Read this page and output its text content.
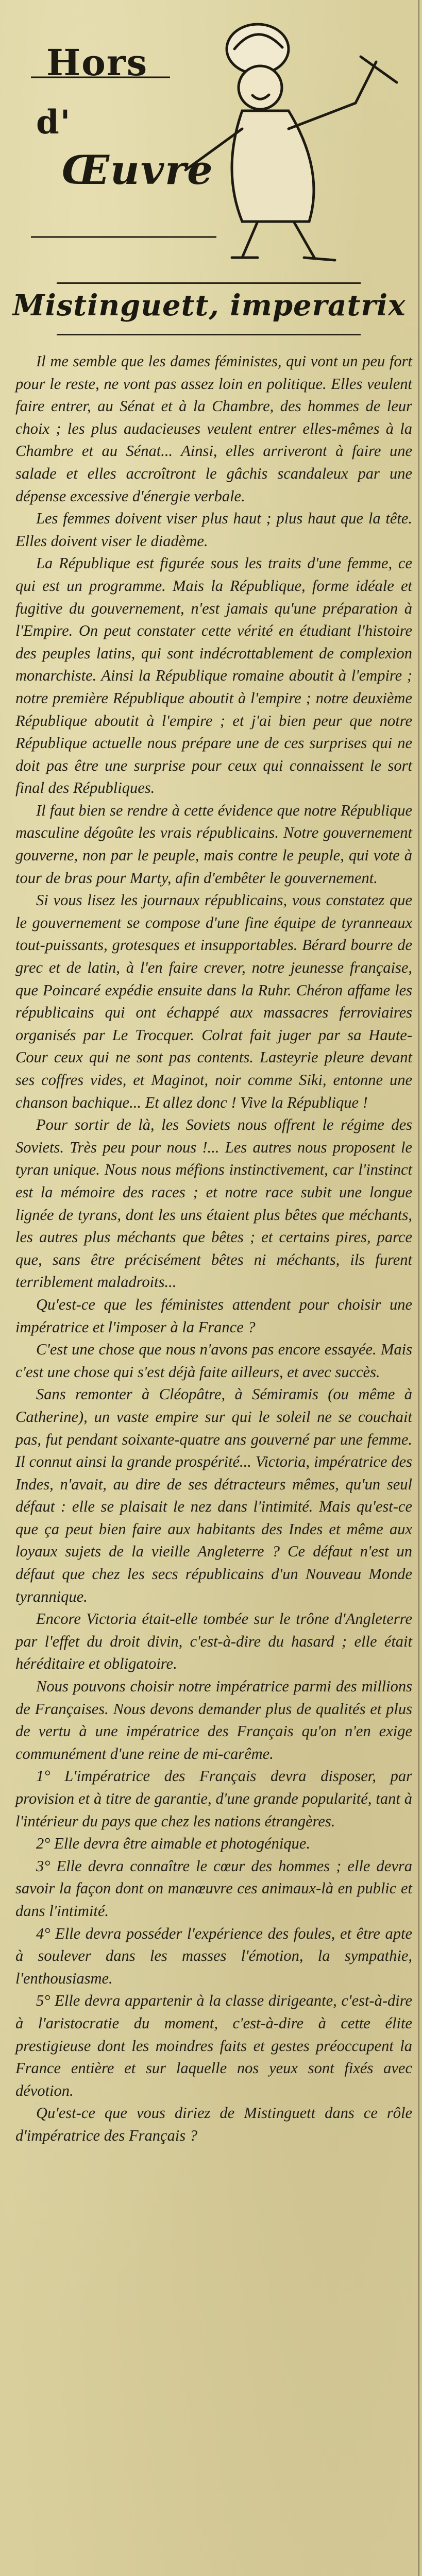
Hors
d'
Œuvre
Mistinguett, imperatrix

Il me semble que les dames féministes, qui vont un peu fort pour le reste, ne vont pas assez loin en politique. Elles veulent faire entrer, au Sénat et à la Chambre, des hommes de leur choix ; les plus audacieuses veulent entrer elles-mêmes à la Chambre et au Sénat... Ainsi, elles arriveront à faire une salade et elles accroîtront le gâchis scandaleux par une dépense excessive d'énergie verbale.

Les femmes doivent viser plus haut ; plus haut que la tête. Elles doivent viser le diadème.

La République est figurée sous les traits d'une femme, ce qui est un programme. Mais la République, forme idéale et fugitive du gouvernement, n'est jamais qu'une préparation à l'Empire. On peut constater cette vérité en étudiant l'histoire des peuples latins, qui sont indécrottablement de complexion monarchiste. Ainsi la République romaine aboutit à l'empire ; notre première République aboutit à l'empire ; notre deuxième République aboutit à l'empire ; et j'ai bien peur que notre République actuelle nous prépare une de ces surprises qui ne doit pas être une surprise pour ceux qui connaissent le sort final des Républiques.

Il faut bien se rendre à cette évidence que notre République masculine dégoûte les vrais républicains. Notre gouvernement gouverne, non par le peuple, mais contre le peuple, qui vote à tour de bras pour Marty, afin d'embêter le gouvernement.

Si vous lisez les journaux républicains, vous constatez que le gouvernement se compose d'une fine équipe de tyranneaux tout-puissants, grotesques et insupportables. Bérard bourre de grec et de latin, à l'en faire crever, notre jeunesse française, que Poincaré expédie ensuite dans la Ruhr. Chéron affame les républicains qui ont échappé aux massacres ferroviaires organisés par Le Trocquer. Colrat fait juger par sa Haute-Cour ceux qui ne sont pas contents. Lasteyrie pleure devant ses coffres vides, et Maginot, noir comme Siki, entonne une chanson bachique... Et allez donc ! Vive la République !

Pour sortir de là, les Soviets nous offrent le régime des Soviets. Très peu pour nous !... Les autres nous proposent le tyran unique. Nous nous méfions instinctivement, car l'instinct est la mémoire des races ; et notre race subit une longue lignée de tyrans, dont les uns étaient plus bêtes que méchants, les autres plus méchants que bêtes ; et certains pires, parce que, sans être précisément bêtes ni méchants, ils furent terriblement maladroits...

Qu'est-ce que les féministes attendent pour choisir une impératrice et l'imposer à la France ?

C'est une chose que nous n'avons pas encore essayée. Mais c'est une chose qui s'est déjà faite ailleurs, et avec succès.

Sans remonter à Cléopâtre, à Sémiramis (ou même à Catherine), un vaste empire sur qui le soleil ne se couchait pas, fut pendant soixante-quatre ans gouverné par une femme. Il connut ainsi la grande prospérité... Victoria, impératrice des Indes, n'avait, au dire de ses détracteurs mêmes, qu'un seul défaut : elle se plaisait le nez dans l'intimité. Mais qu'est-ce que ça peut bien faire aux habitants des Indes et même aux loyaux sujets de la vieille Angleterre ? Ce défaut n'est un défaut que chez les secs républicains d'un Nouveau Monde tyrannique.

Encore Victoria était-elle tombée sur le trône d'Angleterre par l'effet du droit divin, c'est-à-dire du hasard ; elle était héréditaire et obligatoire.

Nous pouvons choisir notre impératrice parmi des millions de Françaises. Nous devons demander plus de qualités et plus de vertu à une impératrice des Français qu'on n'en exige communément d'une reine de mi-carême.

1° L'impératrice des Français devra disposer, par provision et à titre de garantie, d'une grande popularité, tant à l'intérieur du pays que chez les nations étrangères.

2° Elle devra être aimable et photogénique.

3° Elle devra connaître le cœur des hommes ; elle devra savoir la façon dont on manœuvre ces animaux-là en public et dans l'intimité.

4° Elle devra posséder l'expérience des foules, et être apte à soulever dans les masses l'émotion, la sympathie, l'enthousiasme.

5° Elle devra appartenir à la classe dirigeante, c'est-à-dire à l'aristocratie du moment, c'est-à-dire à cette élite prestigieuse dont les moindres faits et gestes préoccupent la France entière et sur laquelle nos yeux sont fixés avec dévotion.

Qu'est-ce que vous diriez de Mistinguett dans ce rôle d'impératrice des Français ?
